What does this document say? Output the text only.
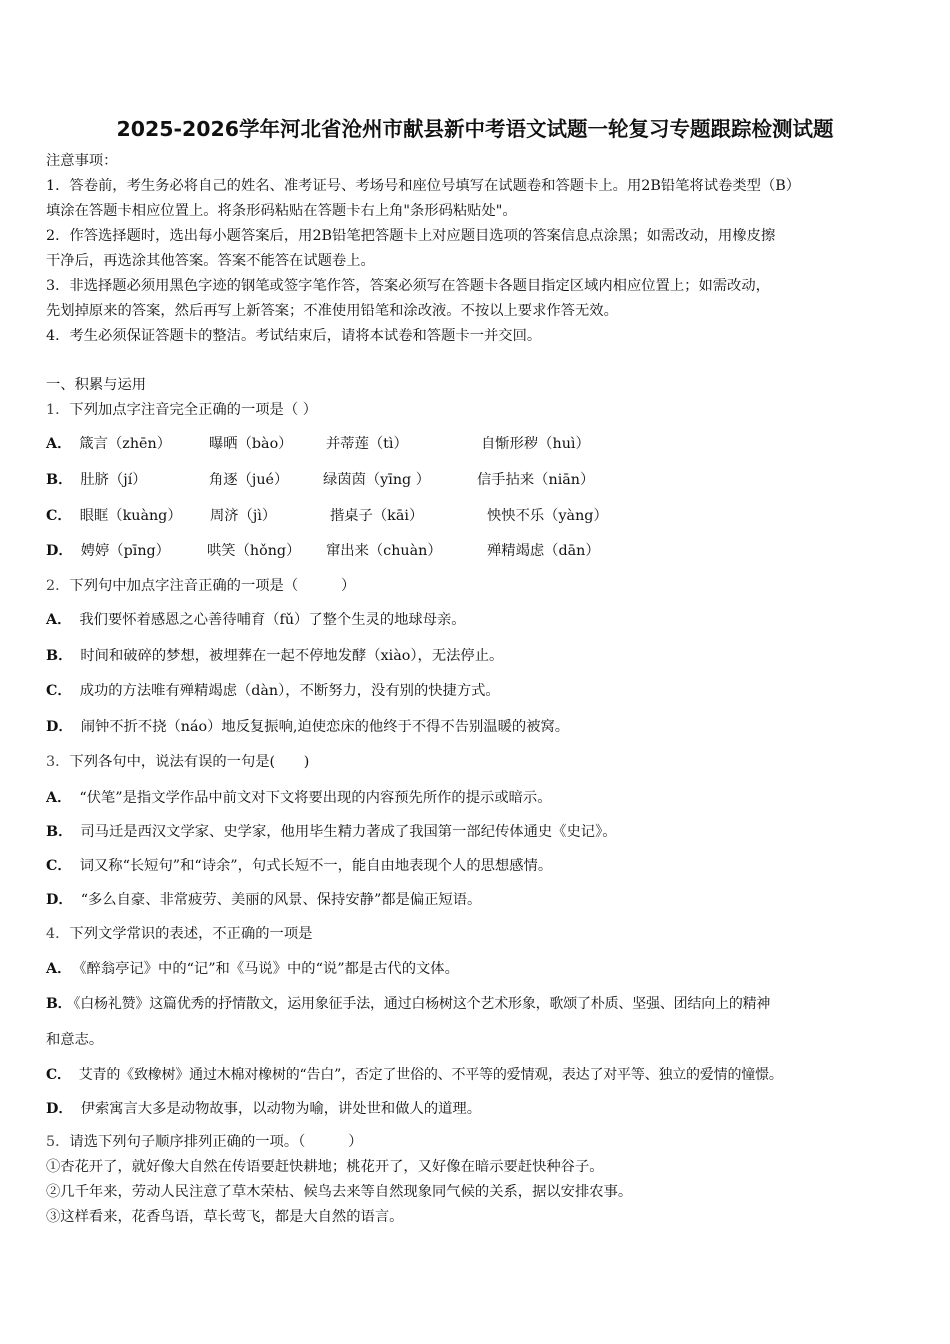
2025-2026学年河北省沧州市献县新中考语文试题一轮复习专题跟踪检测试题
注意事项：
1．答卷前，考生务必将自己的姓名、准考证号、考场号和座位号填写在试题卷和答题卡上。用2B铅笔将试卷类型（B）
填涂在答题卡相应位置上。将条形码粘贴在答题卡右上角"条形码粘贴处"。
2．作答选择题时，选出每小题答案后，用2B铅笔把答题卡上对应题目选项的答案信息点涂黑；如需改动，用橡皮擦
干净后，再选涂其他答案。答案不能答在试题卷上。
3．非选择题必须用黑色字迹的钢笔或签字笔作答，答案必须写在答题卡各题目指定区域内相应位置上；如需改动，
先划掉原来的答案，然后再写上新答案；不准使用铅笔和涂改液。不按以上要求作答无效。
4．考生必须保证答题卡的整洁。考试结束后，请将本试卷和答题卡一并交回。
一、积累与运用
1．下列加点字注音完全正确的一项是（ ）
A． 箴言（zhēn）	曝晒（bào） 并蒂莲（tì）	自惭形秽（huì）
B． 肚脐（jí）	角逐（jué） 绿茵茵（yīng ）	信手拈来（niān）
C． 眼眶（kuàng） 周济（jì）	揩桌子（kāi）	怏怏不乐（yàng）
D． 娉婷（pīng）	哄笑（hǒng） 窜出来（chuàn）	殚精竭虑（dān）
2．下列句中加点字注音正确的一项是（　　　）
A． 我们要怀着感恩之心善待哺育（fǔ）了整个生灵的地球母亲。
B． 时间和破碎的梦想，被埋葬在一起不停地发酵（xiào），无法停止。
C． 成功的方法唯有殚精竭虑（dàn），不断努力，没有别的快捷方式。
D． 闹钟不折不挠（náo）地反复振响,迫使恋床的他终于不得不告别温暖的被窝。
3．下列各句中，说法有误的一句是(　　)
A． “伏笔”是指文学作品中前文对下文将要出现的内容预先所作的提示或暗示。
B． 司马迁是西汉文学家、史学家，他用毕生精力著成了我国第一部纪传体通史《史记》。
C． 词又称“长短句”和“诗余”，句式长短不一，能自由地表现个人的思想感情。
D． “多么自豪、非常疲劳、美丽的风景、保持安静”都是偏正短语。
4．下列文学常识的表述，不正确的一项是
A． 《醉翁亭记》中的“记”和《马说》中的“说”都是古代的文体。
B． 《白杨礼赞》这篇优秀的抒情散文，运用象征手法，通过白杨树这个艺术形象，歌颂了朴质、坚强、团结向上的精神
和意志。
C． 艾青的《致橡树》通过木棉对橡树的“告白”，否定了世俗的、不平等的爱情观，表达了对平等、独立的爱情的憧憬。
D． 伊索寓言大多是动物故事，以动物为喻，讲处世和做人的道理。
5．请选下列句子顺序排列正确的一项。（　　　）
①杏花开了，就好像大自然在传语要赶快耕地；桃花开了，又好像在暗示要赶快种谷子。
②几千年来，劳动人民注意了草木荣枯、候鸟去来等自然现象同气候的关系，据以安排农事。
③这样看来，花香鸟语，草长莺飞，都是大自然的语言。
